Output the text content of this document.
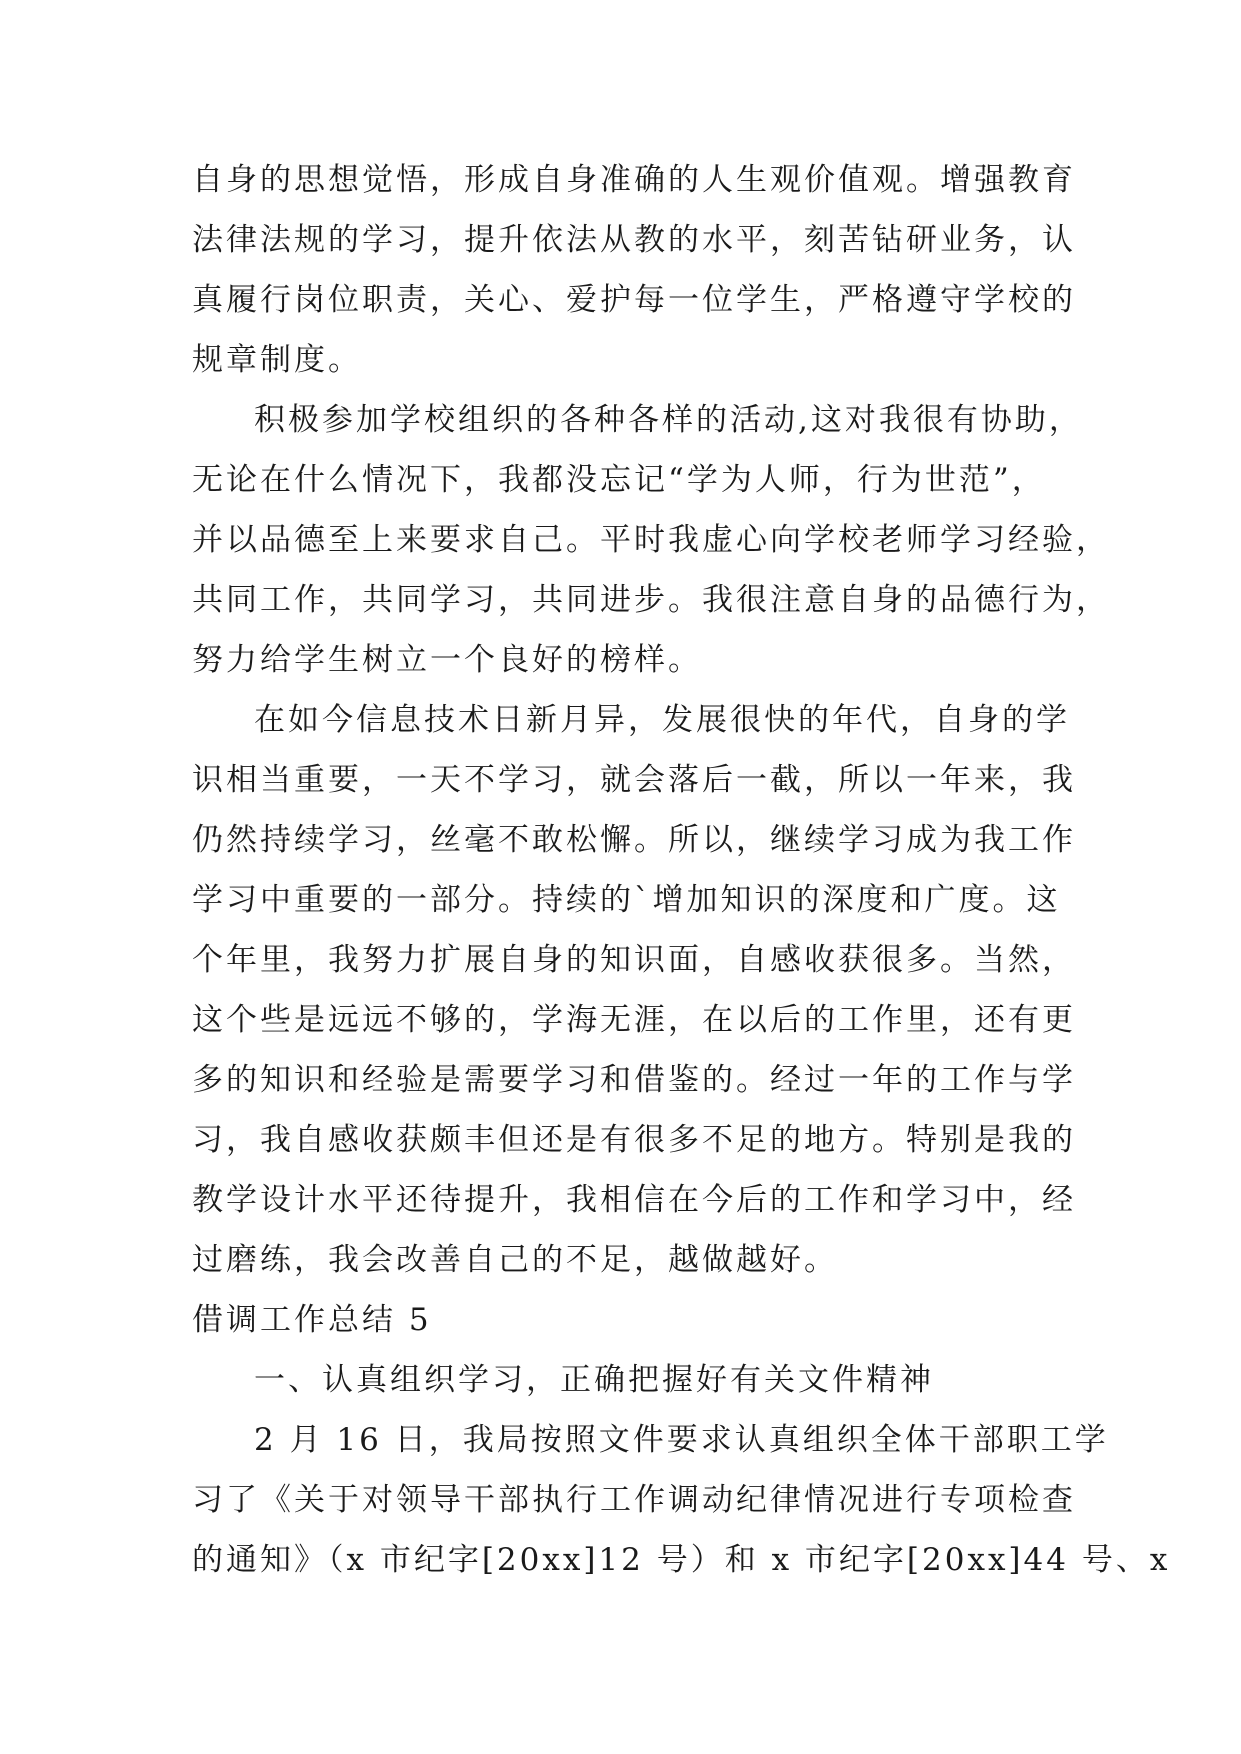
自身的思想觉悟，形成自身准确的人生观价值观。增强教育
法律法规的学习，提升依法从教的水平，刻苦钻研业务，认
真履行岗位职责，关心、爱护每一位学生，严格遵守学校的
规章制度。
积极参加学校组织的各种各样的活动,这对我很有协助，
无论在什么情况下，我都没忘记“学为人师，行为世范”，
并以品德至上来要求自己。平时我虚心向学校老师学习经验，
共同工作，共同学习，共同进步。我很注意自身的品德行为，
努力给学生树立一个良好的榜样。
在如今信息技术日新月异，发展很快的年代，自身的学
识相当重要，一天不学习，就会落后一截，所以一年来，我
仍然持续学习，丝毫不敢松懈。所以，继续学习成为我工作
学习中重要的一部分。持续的`增加知识的深度和广度。这
个年里，我努力扩展自身的知识面，自感收获很多。当然，
这个些是远远不够的，学海无涯，在以后的工作里，还有更
多的知识和经验是需要学习和借鉴的。经过一年的工作与学
习，我自感收获颇丰但还是有很多不足的地方。特别是我的
教学设计水平还待提升，我相信在今后的工作和学习中，经
过磨练，我会改善自己的不足，越做越好。
借调工作总结 5
一、认真组织学习，正确把握好有关文件精神
2 月 16 日，我局按照文件要求认真组织全体干部职工学
习了《关于对领导干部执行工作调动纪律情况进行专项检查
的通知》（x 市纪字[20xx]12 号）和 x 市纪字[20xx]44 号、x
